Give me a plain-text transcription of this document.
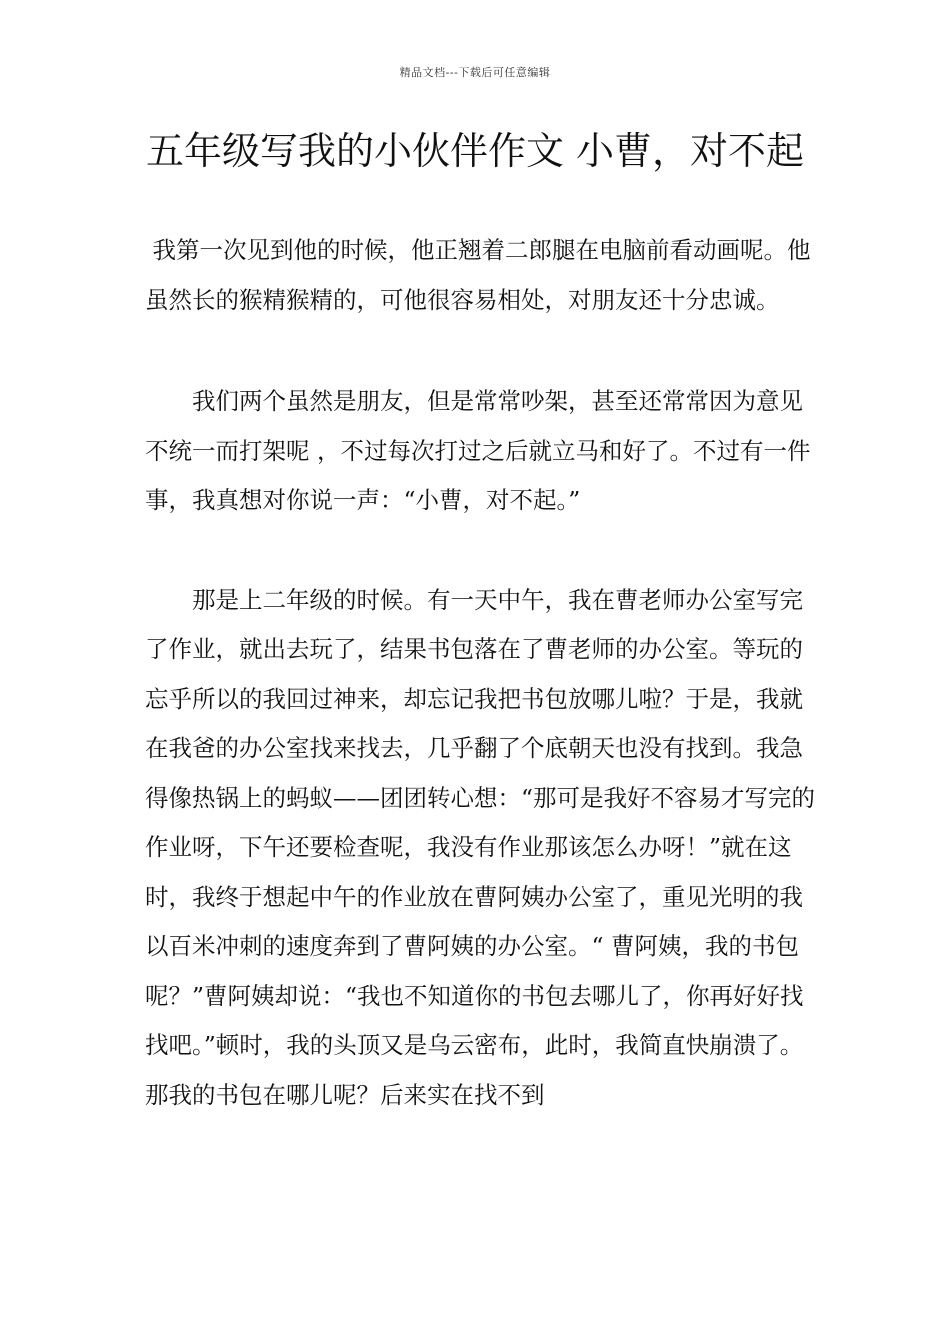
精品文档---下载后可任意编辑
五年级写我的小伙伴作文 小曹，对不起

我第一次见到他的时候，他正翘着二郎腿在电脑前看动画呢。他虽然长的猴精猴精的，可他很容易相处，对朋友还十分忠诚。

　　我们两个虽然是朋友，但是常常吵架，甚至还常常因为意见不统一而打架呢 ，不过每次打过之后就立马和好了。不过有一件事，我真想对你说一声：“小曹，对不起。”

　　那是上二年级的时候。有一天中午，我在曹老师办公室写完了作业，就出去玩了，结果书包落在了曹老师的办公室。等玩的忘乎所以的我回过神来，却忘记我把书包放哪儿啦？于是，我就在我爸的办公室找来找去，几乎翻了个底朝天也没有找到。我急得像热锅上的蚂蚁——团团转心想：“那可是我好不容易才写完的作业呀，下午还要检查呢，我没有作业那该怎么办呀！”就在这时，我终于想起中午的作业放在曹阿姨办公室了，重见光明的我以百米冲刺的速度奔到了曹阿姨的办公室。“ 曹阿姨，我的书包呢？”曹阿姨却说：“我也不知道你的书包去哪儿了，你再好好找找吧。”顿时，我的头顶又是乌云密布，此时，我简直快崩溃了。那我的书包在哪儿呢？后来实在找不到
